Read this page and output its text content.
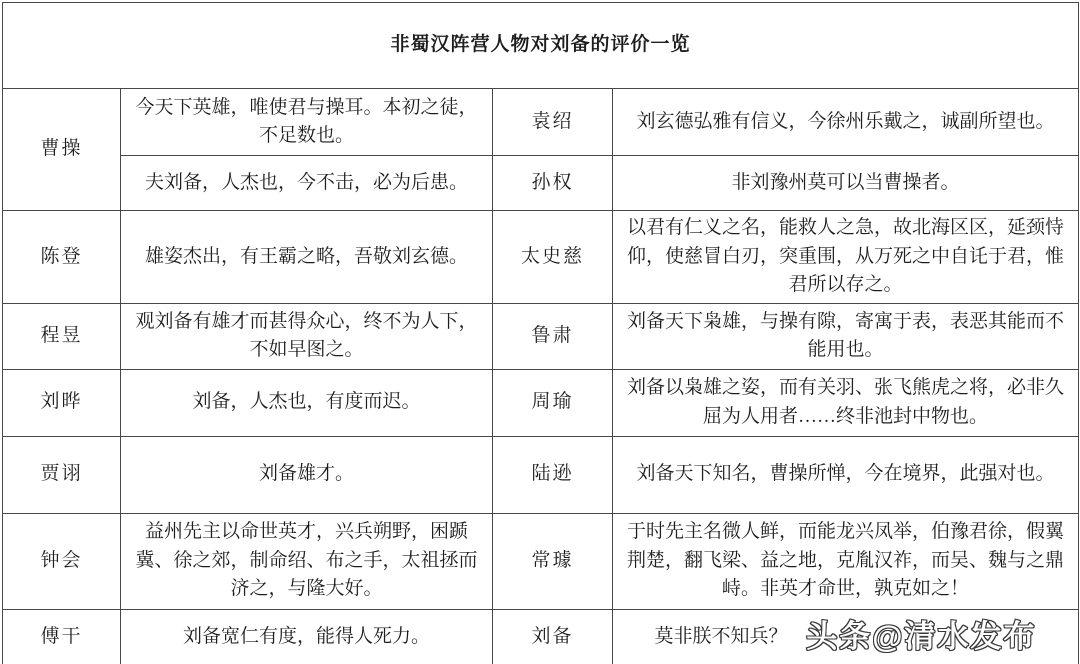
非蜀汉阵营人物对刘备的评价一览			
曹操	今天下英雄，唯使君与操耳。本初之徒，不足数也。	袁绍	刘玄德弘雅有信义，今徐州乐戴之，诚副所望也。
	夫刘备，人杰也，今不击，必为后患。	孙权	非刘豫州莫可以当曹操者。
陈登	雄姿杰出，有王霸之略，吾敬刘玄德。	太史慈	以君有仁义之名，能救人之急，故北海区区，延颈恃仰，使慈冒白刃，突重围，从万死之中自讬于君，惟君所以存之。
程昱	观刘备有雄才而甚得众心，终不为人下，不如早图之。	鲁肃	刘备天下枭雄，与操有隙，寄寓于表，表恶其能而不能用也。
刘晔	刘备，人杰也，有度而迟。	周瑜	刘备以枭雄之姿，而有关羽、张飞熊虎之将，必非久屈为人用者……终非池封中物也。
贾诩	刘备雄才。	陆逊	刘备天下知名，曹操所惮，今在境界，此强对也。
钟会	益州先主以命世英才，兴兵朔野，困踬冀、徐之郊，制命绍、布之手，太祖拯而济之，与隆大好。	常璩	于时先主名微人鲜，而能龙兴凤举，伯豫君徐，假翼荆楚，翻飞梁、益之地，克胤汉祚，而吴、魏与之鼎峙。非英才命世，孰克如之！
傅干	刘备宽仁有度，能得人死力。	刘备	莫非朕不知兵？ 头条@清水发布
